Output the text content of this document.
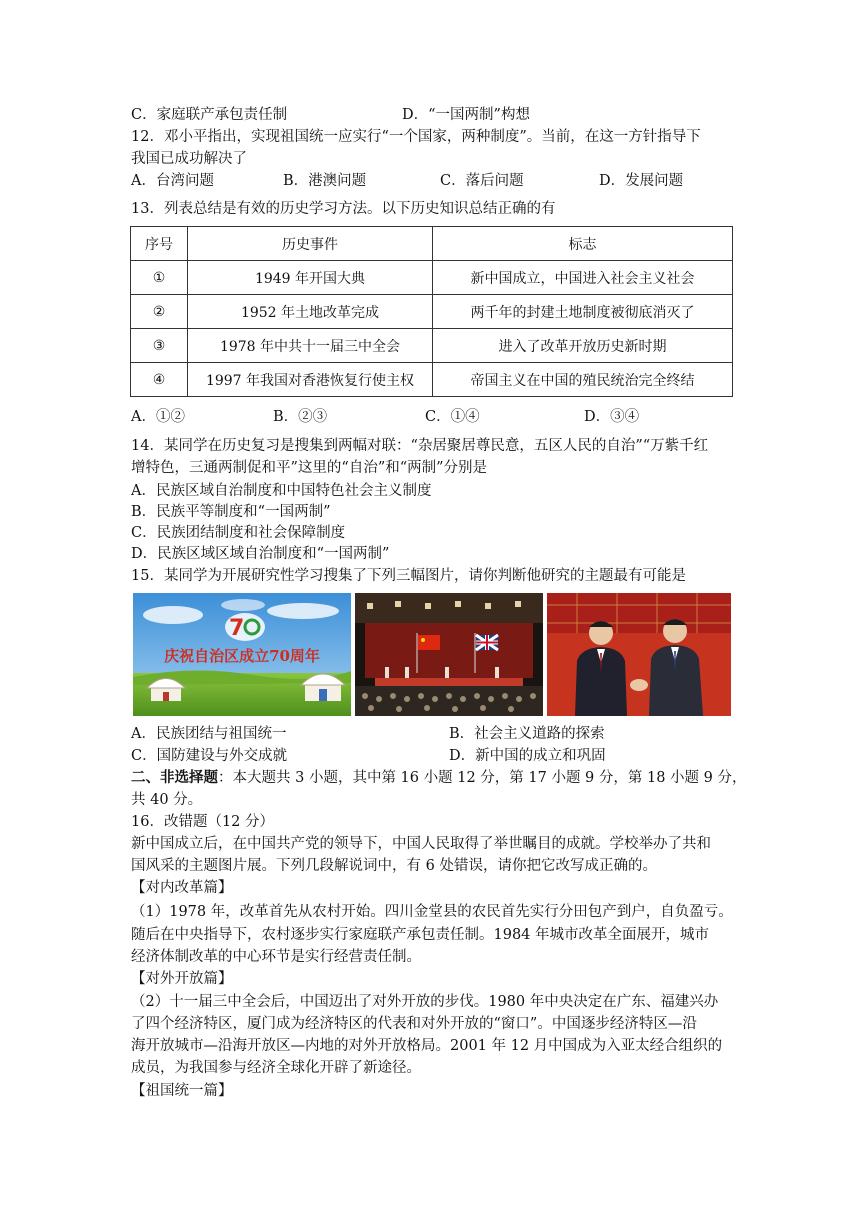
C．家庭联产承包责任制	D．“一国两制”构想
12．邓小平指出，实现祖国统一应实行“一个国家，两种制度”。当前，在这一方针指导下
我国已成功解决了
A．台湾问题	B．港澳问题	C．落后问题	D．发展问题
13．列表总结是有效的历史学习方法。以下历史知识总结正确的有
序号	历史事件	标志
①	1949 年开国大典	新中国成立，中国进入社会主义社会
②	1952 年土地改革完成	两千年的封建土地制度被彻底消灭了
③	1978 年中共十一届三中全会	进入了改革开放历史新时期
④	1997 年我国对香港恢复行使主权	帝国主义在中国的殖民统治完全终结
A．①②	B．②③	C．①④	D．③④
14．某同学在历史复习是搜集到两幅对联：“杂居聚居尊民意，五区人民的自治”“万紫千红
增特色，三通两制促和平”这里的“自治”和“两制”分别是
A．民族区域自治制度和中国特色社会主义制度
B．民族平等制度和“一国两制”
C．民族团结制度和社会保障制度
D．民族区域区域自治制度和“一国两制”
15．某同学为开展研究性学习搜集了下列三幅图片，请你判断他研究的主题最有可能是
7
庆祝自治区成立70周年
A．民族团结与祖国统一	B．社会主义道路的探索
C．国防建设与外交成就	D．新中国的成立和巩固
二、非选择题：本大题共 3 小题，其中第 16 小题 12 分，第 17 小题 9 分，第 18 小题 9 分，
共 40 分。
16．改错题（12 分）
新中国成立后，在中国共产党的领导下，中国人民取得了举世瞩目的成就。学校举办了共和
国风采的主题图片展。下列几段解说词中，有 6 处错误，请你把它改写成正确的。
【对内改革篇】
（1）1978 年，改革首先从农村开始。四川金堂县的农民首先实行分田包产到户，自负盈亏。
随后在中央指导下，农村逐步实行家庭联产承包责任制。1984 年城市改革全面展开，城市
经济体制改革的中心环节是实行经营责任制。
【对外开放篇】
（2）十一届三中全会后，中国迈出了对外开放的步伐。1980 年中央决定在广东、福建兴办
了四个经济特区，厦门成为经济特区的代表和对外开放的“窗口”。中国逐步经济特区—沿
海开放城市—沿海开放区—内地的对外开放格局。2001 年 12 月中国成为入亚太经合组织的
成员，为我国参与经济全球化开辟了新途径。
【祖国统一篇】
